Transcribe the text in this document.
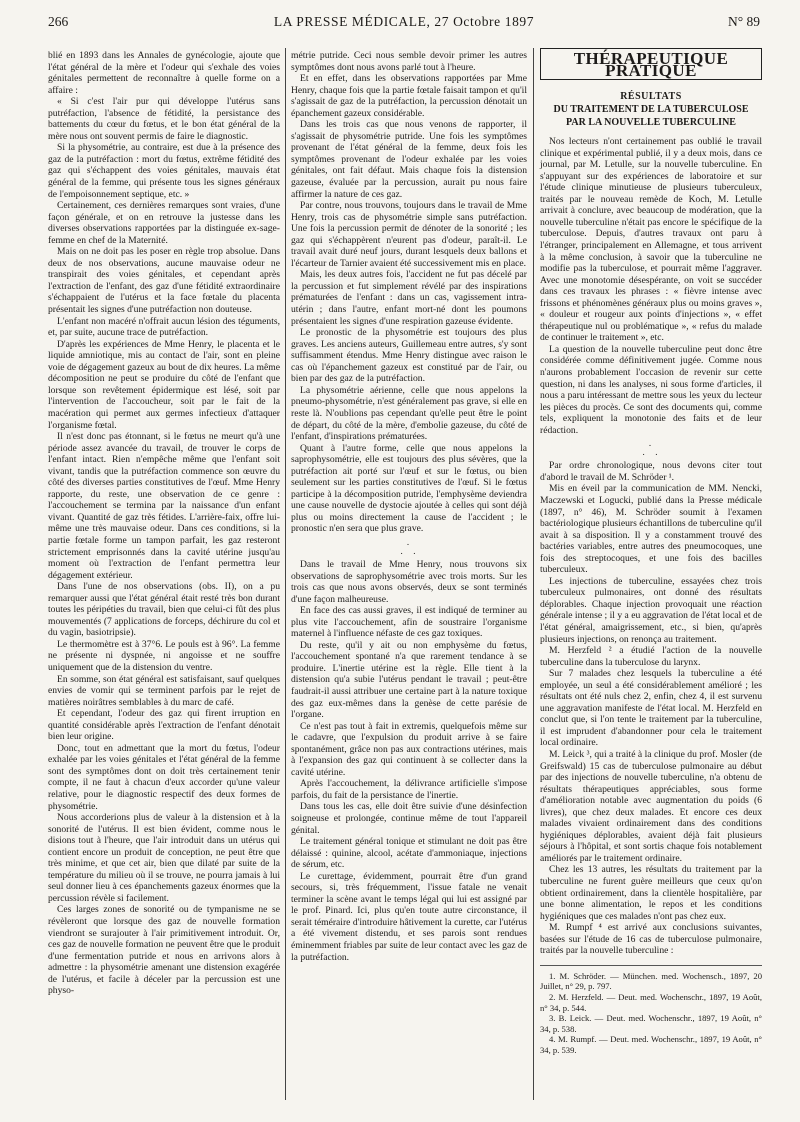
LA PRESSE MÉDICALE, 27 Octobre 1897
266	N° 89

blié en 1893 dans les Annales de gynécologie, ajoute que l'état général de la mère et l'odeur qui s'exhale des voies génitales permettent de reconnaître à quelle forme on a affaire :

« Si c'est l'air pur qui développe l'utérus sans putréfaction, l'absence de fétidité, la persistance des battements du cœur du fœtus, et le bon état général de la mère nous ont souvent permis de faire le diagnostic.

Si la physométrie, au contraire, est due à la présence des gaz de la putréfaction : mort du fœtus, extrême fétidité des gaz qui s'échappent des voies génitales, mauvais état général de la femme, qui présente tous les signes généraux de l'empoisonnement septique, etc. »

Certainement, ces dernières remarques sont vraies, d'une façon générale, et on en retrouve la justesse dans les diverses observations rapportées par la distinguée ex-sage-femme en chef de la Maternité.

Mais on ne doit pas les poser en règle trop absolue. Dans deux de nos observations, aucune mauvaise odeur ne transpirait des voies génitales, et cependant après l'extraction de l'enfant, des gaz d'une fétidité extraordinaire s'échappaient de l'utérus et la face fœtale du placenta présentait les signes d'une putréfaction non douteuse.

L'enfant non macéré n'offrait aucun lésion des téguments, et, par suite, aucune trace de putréfaction.

D'après les expériences de Mme Henry, le placenta et le liquide amniotique, mis au contact de l'air, sont en pleine voie de dégagement gazeux au bout de dix heures. La même décomposition ne peut se produire du côté de l'enfant que lorsque son revêtement épidermique est lésé, soit par l'intervention de l'accoucheur, soit par le fait de la macération qui permet aux germes infectieux d'attaquer l'organisme fœtal.

Il n'est donc pas étonnant, si le fœtus ne meurt qu'à une période assez avancée du travail, de trouver le corps de l'enfant intact. Rien n'empêche même que l'enfant soit vivant, tandis que la putréfaction commence son œuvre du côté des diverses parties constitutives de l'œuf. Mme Henry rapporte, du reste, une observation de ce genre : l'accouchement se termina par la naissance d'un enfant vivant. Quantité de gaz très fétides. L'arrière-faix, offre lui-même une très mauvaise odeur. Dans ces conditions, si la partie fœtale forme un tampon parfait, les gaz resteront strictement emprisonnés dans la cavité utérine jusqu'au moment où l'extraction de l'enfant permettra leur dégagement extérieur.

Dans l'une de nos observations (obs. II), on a pu remarquer aussi que l'état général était resté très bon durant toutes les péripéties du travail, bien que celui-ci fût des plus mouvementés (7 applications de forceps, déchirure du col et du vagin, basiotripsie).

Le thermomètre est à 37°6. Le pouls est à 96°. La femme ne présente ni dyspnée, ni angoisse et ne souffre uniquement que de la distension du ventre.

En somme, son état général est satisfaisant, sauf quelques envies de vomir qui se terminent parfois par le rejet de matières noirâtres semblables à du marc de café.

Et cependant, l'odeur des gaz qui firent irruption en quantité considérable après l'extraction de l'enfant dénotait bien leur origine.

Donc, tout en admettant que la mort du fœtus, l'odeur exhalée par les voies génitales et l'état général de la femme sont des symptômes dont on doit très certainement tenir compte, il ne faut à chacun d'eux accorder qu'une valeur relative, pour le diagnostic respectif des deux formes de physométrie.

Nous accorderions plus de valeur à la distension et à la sonorité de l'utérus. Il est bien évident, comme nous le disions tout à l'heure, que l'air introduit dans un utérus qui contient encore un produit de conception, ne peut être que très minime, et que cet air, bien que dilaté par suite de la température du milieu où il se trouve, ne pourra jamais à lui seul donner lieu à ces épanchements gazeux énormes que la percussion révèle si facilement.

Ces larges zones de sonorité ou de tympanisme ne se révèleront que lorsque des gaz de nouvelle formation viendront se surajouter à l'air primitivement introduit. Or, ces gaz de nouvelle formation ne peuvent être que le produit d'une fermentation putride et nous en arrivons alors à admettre : la physométrie amenant une distension exagérée de l'utérus, et facile à déceler par la percussion est une physo-

métrie putride. Ceci nous semble devoir primer les autres symptômes dont nous avons parlé tout à l'heure.

Et en effet, dans les observations rapportées par Mme Henry, chaque fois que la partie fœtale faisait tampon et qu'il s'agissait de gaz de la putréfaction, la percussion dénotait un épanchement gazeux considérable.

Dans les trois cas que nous venons de rapporter, il s'agissait de physométrie putride. Une fois les symptômes provenant de l'état général de la femme, deux fois les symptômes provenant de l'odeur exhalée par les voies génitales, ont fait défaut. Mais chaque fois la distension gazeuse, évaluée par la percussion, aurait pu nous faire affirmer la nature de ces gaz.

Par contre, nous trouvons, toujours dans le travail de Mme Henry, trois cas de physométrie simple sans putréfaction. Une fois la percussion permit de dénoter de la sonorité ; les gaz qui s'échappèrent n'eurent pas d'odeur, paraît-il. Le travail avait duré neuf jours, durant lesquels deux ballons et l'écarteur de Tarnier avaient été successivement mis en place.

Mais, les deux autres fois, l'accident ne fut pas décelé par la percussion et fut simplement révélé par des inspirations prématurées de l'enfant : dans un cas, vagissement intra-utérin ; dans l'autre, enfant mort-né dont les poumons présentaient les signes d'une respiration gazeuse évidente.

Le pronostic de la physométrie est toujours des plus graves. Les anciens auteurs, Guillemeau entre autres, s'y sont suffisamment étendus. Mme Henry distingue avec raison le cas où l'épanchement gazeux est constitué par de l'air, ou bien par des gaz de la putréfaction.

La physométrie aérienne, celle que nous appelons la pneumo-physométrie, n'est généralement pas grave, si elle en reste là. N'oublions pas cependant qu'elle peut être le point de départ, du côté de la mère, d'embolie gazeuse, du côté de l'enfant, d'inspirations prématurées.

Quant à l'autre forme, celle que nous appelons la saprophysométrie, elle est toujours des plus sévères, que la putréfaction ait porté sur l'œuf et sur le fœtus, ou bien seulement sur les parties constitutives de l'œuf. Si le fœtus participe à la décomposition putride, l'emphysème deviendra une cause nouvelle de dystocie ajoutée à celles qui sont déjà plus ou moins directement la cause de l'accident ; le pronostic n'en sera que plus grave.

.
.  .

Dans le travail de Mme Henry, nous trouvons six observations de saprophysométrie avec trois morts. Sur les trois cas que nous avons observés, deux se sont terminés d'une façon malheureuse.

En face des cas aussi graves, il est indiqué de terminer au plus vite l'accouchement, afin de soustraire l'organisme maternel à l'influence néfaste de ces gaz toxiques.

Du reste, qu'il y ait ou non emphysème du fœtus, l'accouchement spontané n'a que rarement tendance à se produire. L'inertie utérine est la règle. Elle tient à la distension qu'a subie l'utérus pendant le travail ; peut-être faudrait-il aussi attribuer une certaine part à la nature toxique des gaz eux-mêmes dans la genèse de cette parésie de l'organe.

Ce n'est pas tout à fait in extremis, quelquefois même sur le cadavre, que l'expulsion du produit arrive à se faire spontanément, grâce non pas aux contractions utérines, mais à l'expansion des gaz qui continuent à se collecter dans la cavité utérine.

Après l'accouchement, la délivrance artificielle s'impose parfois, du fait de la persistance de l'inertie.

Dans tous les cas, elle doit être suivie d'une désinfection soigneuse et prolongée, continue même de tout l'appareil génital.

Le traitement général tonique et stimulant ne doit pas être délaissé : quinine, alcool, acétate d'ammoniaque, injections de sérum, etc.

Le curettage, évidemment, pourrait être d'un grand secours, si, très fréquemment, l'issue fatale ne venait terminer la scène avant le temps légal qui lui est assigné par le prof. Pinard. Ici, plus qu'en toute autre circonstance, il serait téméraire d'introduire hâtivement la curette, car l'utérus a été vivement distendu, et ses parois sont rendues éminemment friables par suite de leur contact avec les gaz de la putréfaction.

THÉRAPEUTIQUE PRATIQUE
RÉSULTATS
DU TRAITEMENT DE LA TUBERCULOSE
PAR LA NOUVELLE TUBERCULINE

Nos lecteurs n'ont certainement pas oublié le travail clinique et expérimental publié, il y a deux mois, dans ce journal, par M. Letulle, sur la nouvelle tuberculine. En s'appuyant sur des expériences de laboratoire et sur l'étude clinique minutieuse de plusieurs tuberculeux, traités par le nouveau remède de Koch, M. Letulle arrivait à conclure, avec beaucoup de modération, que la nouvelle tuberculine n'était pas encore le spécifique de la tuberculose. Depuis, d'autres travaux ont paru à l'étranger, principalement en Allemagne, et tous arrivent à la même conclusion, à savoir que la tuberculine ne modifie pas la tuberculose, et pourrait même l'aggraver. Avec une monotomie désespérante, on voit se succéder dans ces travaux les phrases : « fièvre intense avec frissons et phénomènes généraux plus ou moins graves », « douleur et rougeur aux points d'injections », « effet thérapeutique nul ou problématique », « refus du malade de continuer le traitement », etc.

La question de la nouvelle tuberculine peut donc être considérée comme définitivement jugée. Comme nous n'aurons probablement l'occasion de revenir sur cette question, ni dans les analyses, ni sous forme d'articles, il nous a paru intéressant de mettre sous les yeux du lecteur les pièces du procès. Ce sont des documents qui, comme tels, expliquent la monotonie des faits et de leur rédaction.

.
.  .

Par ordre chronologique, nous devons citer tout d'abord le travail de M. Schröder ¹.

Mis en éveil par la communication de MM. Nencki, Maczewski et Logucki, publié dans la Presse médicale (1897, n° 46), M. Schröder soumit à l'examen bactériologique plusieurs échantillons de tuberculine qu'il avait à sa disposition. Il y a constamment trouvé des bactéries variables, entre autres des pneumocoques, une fois des streptocoques, et une fois des bacilles tuberculeux.

Les injections de tuberculine, essayées chez trois tuberculeux pulmonaires, ont donné des résultats déplorables. Chaque injection provoquait une réaction générale intense ; il y a eu aggravation de l'état local et de l'état général, amaigrissement, etc., si bien, qu'après plusieurs injections, on renonça au traitement.

M. Herzfeld ² a étudié l'action de la nouvelle tuberculine dans la tuberculose du larynx.

Sur 7 malades chez lesquels la tuberculine a été employée, un seul a été considérablement amélioré ; les résultats ont été nuls chez 2, enfin, chez 4, il est survenu une aggravation manifeste de l'état local. M. Herzfeld en conclut que, si l'on tente le traitement par la tuberculine, il est imprudent d'abandonner pour cela le traitement local ordinaire.

M. Leick ³, qui a traité à la clinique du prof. Mosler (de Greifswald) 15 cas de tuberculose pulmonaire au début par des injections de nouvelle tuberculine, n'a obtenu de résultats thérapeutiques appréciables, sous forme d'amélioration notable avec augmentation du poids (6 livres), que chez deux malades. Et encore ces deux malades vivaient ordinairement dans des conditions hygiéniques déplorables, avaient déjà fait plusieurs séjours à l'hôpital, et sont sortis chaque fois notablement améliorés par le traitement ordinaire.

Chez les 13 autres, les résultats du traitement par la tuberculine ne furent guère meilleurs que ceux qu'on obtient ordinairement, dans la clientèle hospitalière, par une bonne alimentation, le repos et les conditions hygiéniques que ces malades n'ont pas chez eux.

M. Rumpf ⁴ est arrivé aux conclusions suivantes, basées sur l'étude de 16 cas de tuberculose pulmonaire, traités par la nouvelle tuberculine :

1. M. Schröder. — München. med. Wochensch., 1897, 20 Juillet, n° 29, p. 797.
2. M. Herzfeld. — Deut. med. Wochenschr., 1897, 19 Août, n° 34, p. 544.
3. B. Leick. — Deut. med. Wochenschr., 1897, 19 Août, n° 34, p. 538.
4. M. Rumpf. — Deut. med. Wochenschr., 1897, 19 Août, n° 34, p. 539.
